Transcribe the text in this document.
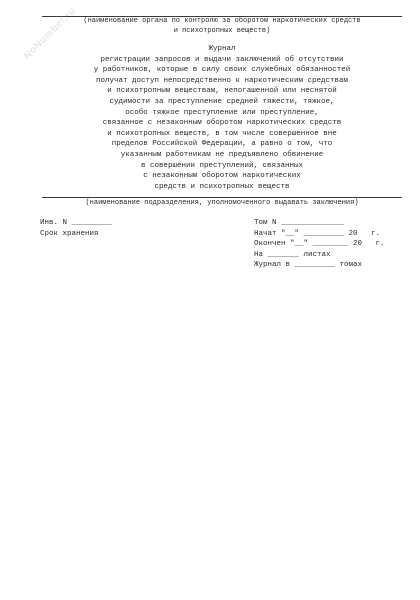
NoNumber.ru (наименование органа по контролю за оборотом наркотических средств
и психотропных веществ)
Журнал
регистрации запросов и выдачи заключений об отсутствии
у работников, которые в силу своих служебных обязанностей
получат доступ непосредственно к наркотическим средствам
и психотропным веществам, непогашенной или неснятой
судимости за преступление средней тяжести, тяжкое,
особо тяжкое преступление или преступление,
связанное с незаконным оборотом наркотических средств
и психотропных веществ, в том числе совершенное вне
пределов Российской Федерации, а равно о том, что
указанным работникам не предъявлено обвинение
в совершении преступлений, связанных
с незаконным оборотом наркотических
средств и психотропных веществ
(наименование подразделения, уполномоченного выдавать заключения)
Инв. N _________
Срок хранения
Том N ______________
Начат "__" _________ 20   г.
Окончен "__" ________ 20   г.
На _______ листах
Журнал в _________ томах
